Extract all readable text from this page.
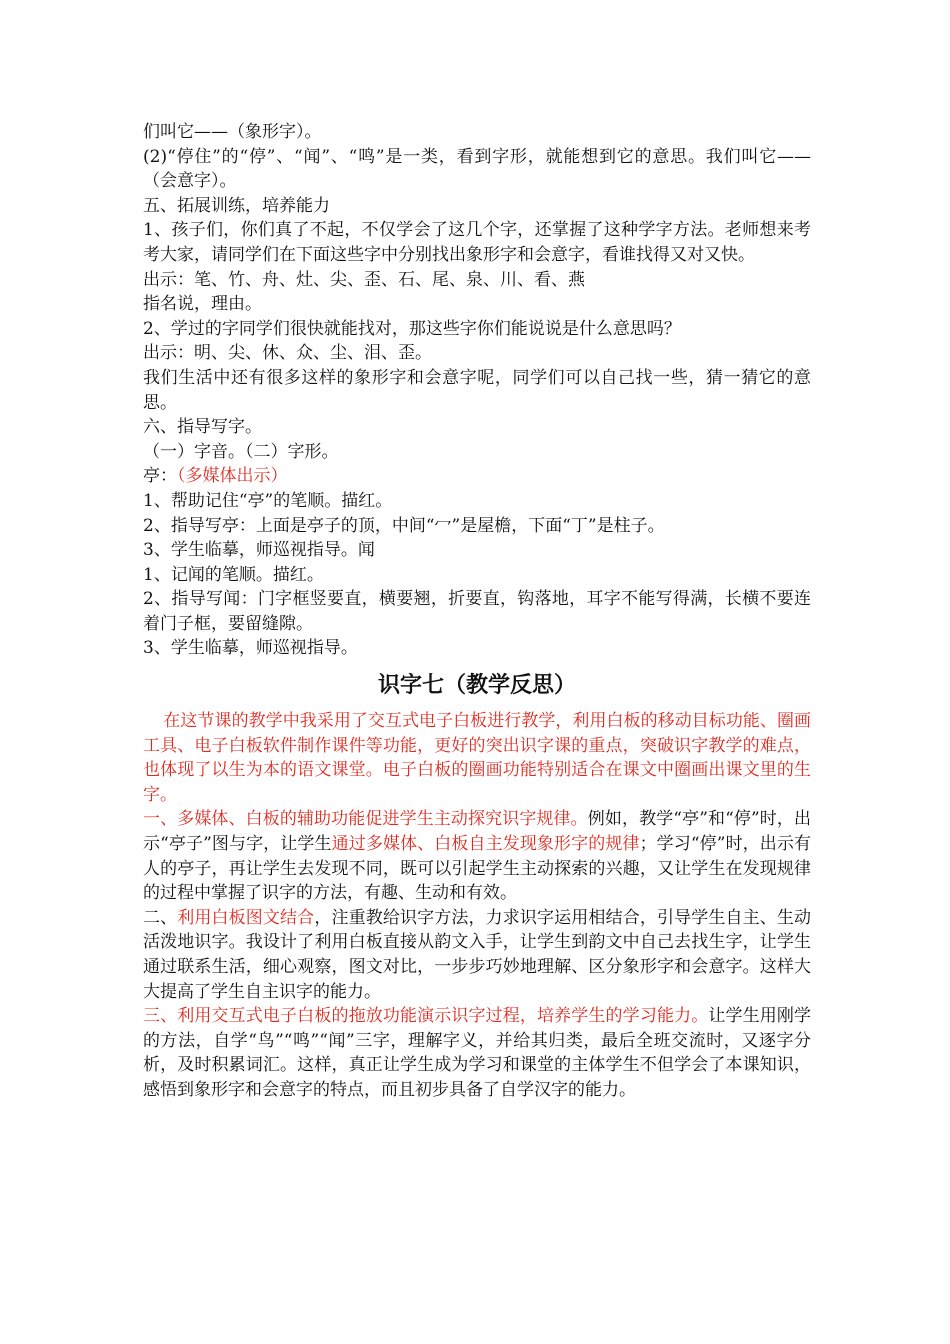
们叫它——（象形字）。

(2)“停住”的“停”、“闻”、“鸣”是一类，看到字形，就能想到它的意思。我们叫它——（会意字）。

五、拓展训练，培养能力

1、孩子们，你们真了不起，不仅学会了这几个字，还掌握了这种学字方法。老师想来考考大家，请同学们在下面这些字中分别找出象形字和会意字，看谁找得又对又快。

出示：笔、竹、舟、灶、尖、歪、石、尾、泉、川、看、燕

指名说，理由。

2、学过的字同学们很快就能找对，那这些字你们能说说是什么意思吗？

出示：明、尖、休、众、尘、泪、歪。

我们生活中还有很多这样的象形字和会意字呢，同学们可以自己找一些，猜一猜它的意思。

六、指导写字。

（一）字音。（二）字形。

亭：（多媒体出示）

1、帮助记住“亭”的笔顺。描红。

2、指导写亭：上面是亭子的顶，中间“冖”是屋檐，下面“丁”是柱子。

3、学生临摹，师巡视指导。闻

1、记闻的笔顺。描红。

2、指导写闻：门字框竖要直，横要翘，折要直，钩落地，耳字不能写得满，长横不要连着门子框，要留缝隙。

3、学生临摹，师巡视指导。

识字七（教学反思）

在这节课的教学中我采用了交互式电子白板进行教学，利用白板的移动目标功能、圈画工具、电子白板软件制作课件等功能，更好的突出识字课的重点，突破识字教学的难点，也体现了以生为本的语文课堂。电子白板的圈画功能特别适合在课文中圈画出课文里的生字。

一、多媒体、白板的辅助功能促进学生主动探究识字规律。例如，教学“亭”和“停”时，出示“亭子”图与字，让学生通过多媒体、白板自主发现象形字的规律；学习“停”时，出示有人的亭子，再让学生去发现不同，既可以引起学生主动探索的兴趣，又让学生在发现规律的过程中掌握了识字的方法，有趣、生动和有效。

二、利用白板图文结合，注重教给识字方法，力求识字运用相结合，引导学生自主、生动活泼地识字。我设计了利用白板直接从韵文入手，让学生到韵文中自己去找生字，让学生通过联系生活，细心观察，图文对比，一步步巧妙地理解、区分象形字和会意字。这样大大提高了学生自主识字的能力。

三、利用交互式电子白板的拖放功能演示识字过程，培养学生的学习能力。让学生用刚学的方法，自学“鸟”“鸣”“闻”三字，理解字义，并给其归类，最后全班交流时，又逐字分析，及时积累词汇。这样，真正让学生成为学习和课堂的主体学生不但学会了本课知识，感悟到象形字和会意字的特点，而且初步具备了自学汉字的能力。
